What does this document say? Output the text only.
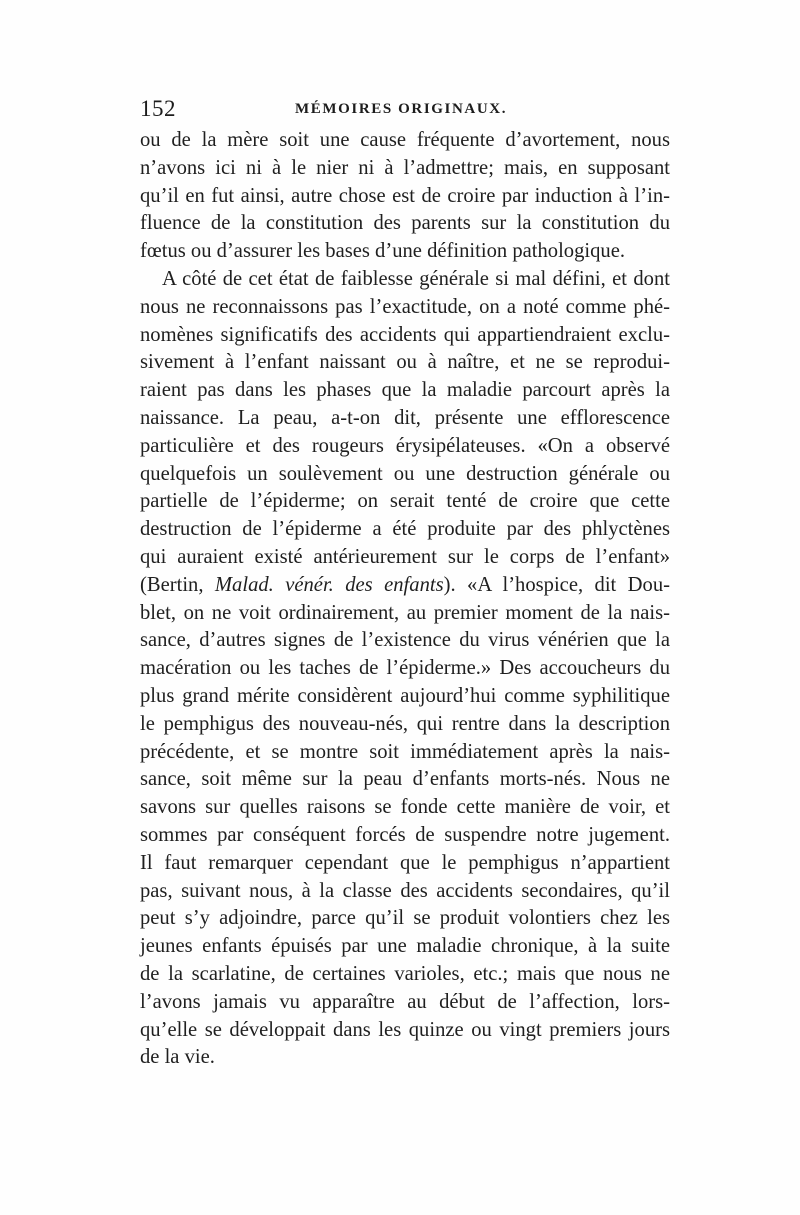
152	MÉMOIRES ORIGINAUX.

ou de la mère soit une cause fréquente d’avortement, nous
n’avons ici ni à le nier ni à l’admettre; mais, en supposant
qu’il en fut ainsi, autre chose est de croire par induction à l’in-
fluence de la constitution des parents sur la constitution du
fœtus ou d’assurer les bases d’une définition pathologique.

A côté de cet état de faiblesse générale si mal défini, et dont
nous ne reconnaissons pas l’exactitude, on a noté comme phé-
nomènes significatifs des accidents qui appartiendraient exclu-
sivement à l’enfant naissant ou à naître, et ne se reprodui-
raient pas dans les phases que la maladie parcourt après la
naissance. La peau, a-t-on dit, présente une efflorescence
particulière et des rougeurs érysipélateuses. «On a observé
quelquefois un soulèvement ou une destruction générale ou
partielle de l’épiderme; on serait tenté de croire que cette
destruction de l’épiderme a été produite par des phlyctènes
qui auraient existé antérieurement sur le corps de l’enfant»
(Bertin, Malad. vénér. des enfants). «A l’hospice, dit Dou-
blet, on ne voit ordinairement, au premier moment de la nais-
sance, d’autres signes de l’existence du virus vénérien que la
macération ou les taches de l’épiderme.» Des accoucheurs du
plus grand mérite considèrent aujourd’hui comme syphilitique
le pemphigus des nouveau-nés, qui rentre dans la description
précédente, et se montre soit immédiatement après la nais-
sance, soit même sur la peau d’enfants morts-nés. Nous ne
savons sur quelles raisons se fonde cette manière de voir, et
sommes par conséquent forcés de suspendre notre jugement.
Il faut remarquer cependant que le pemphigus n’appartient
pas, suivant nous, à la classe des accidents secondaires, qu’il
peut s’y adjoindre, parce qu’il se produit volontiers chez les
jeunes enfants épuisés par une maladie chronique, à la suite
de la scarlatine, de certaines varioles, etc.; mais que nous ne
l’avons jamais vu apparaître au début de l’affection, lors-
qu’elle se développait dans les quinze ou vingt premiers jours
de la vie.
